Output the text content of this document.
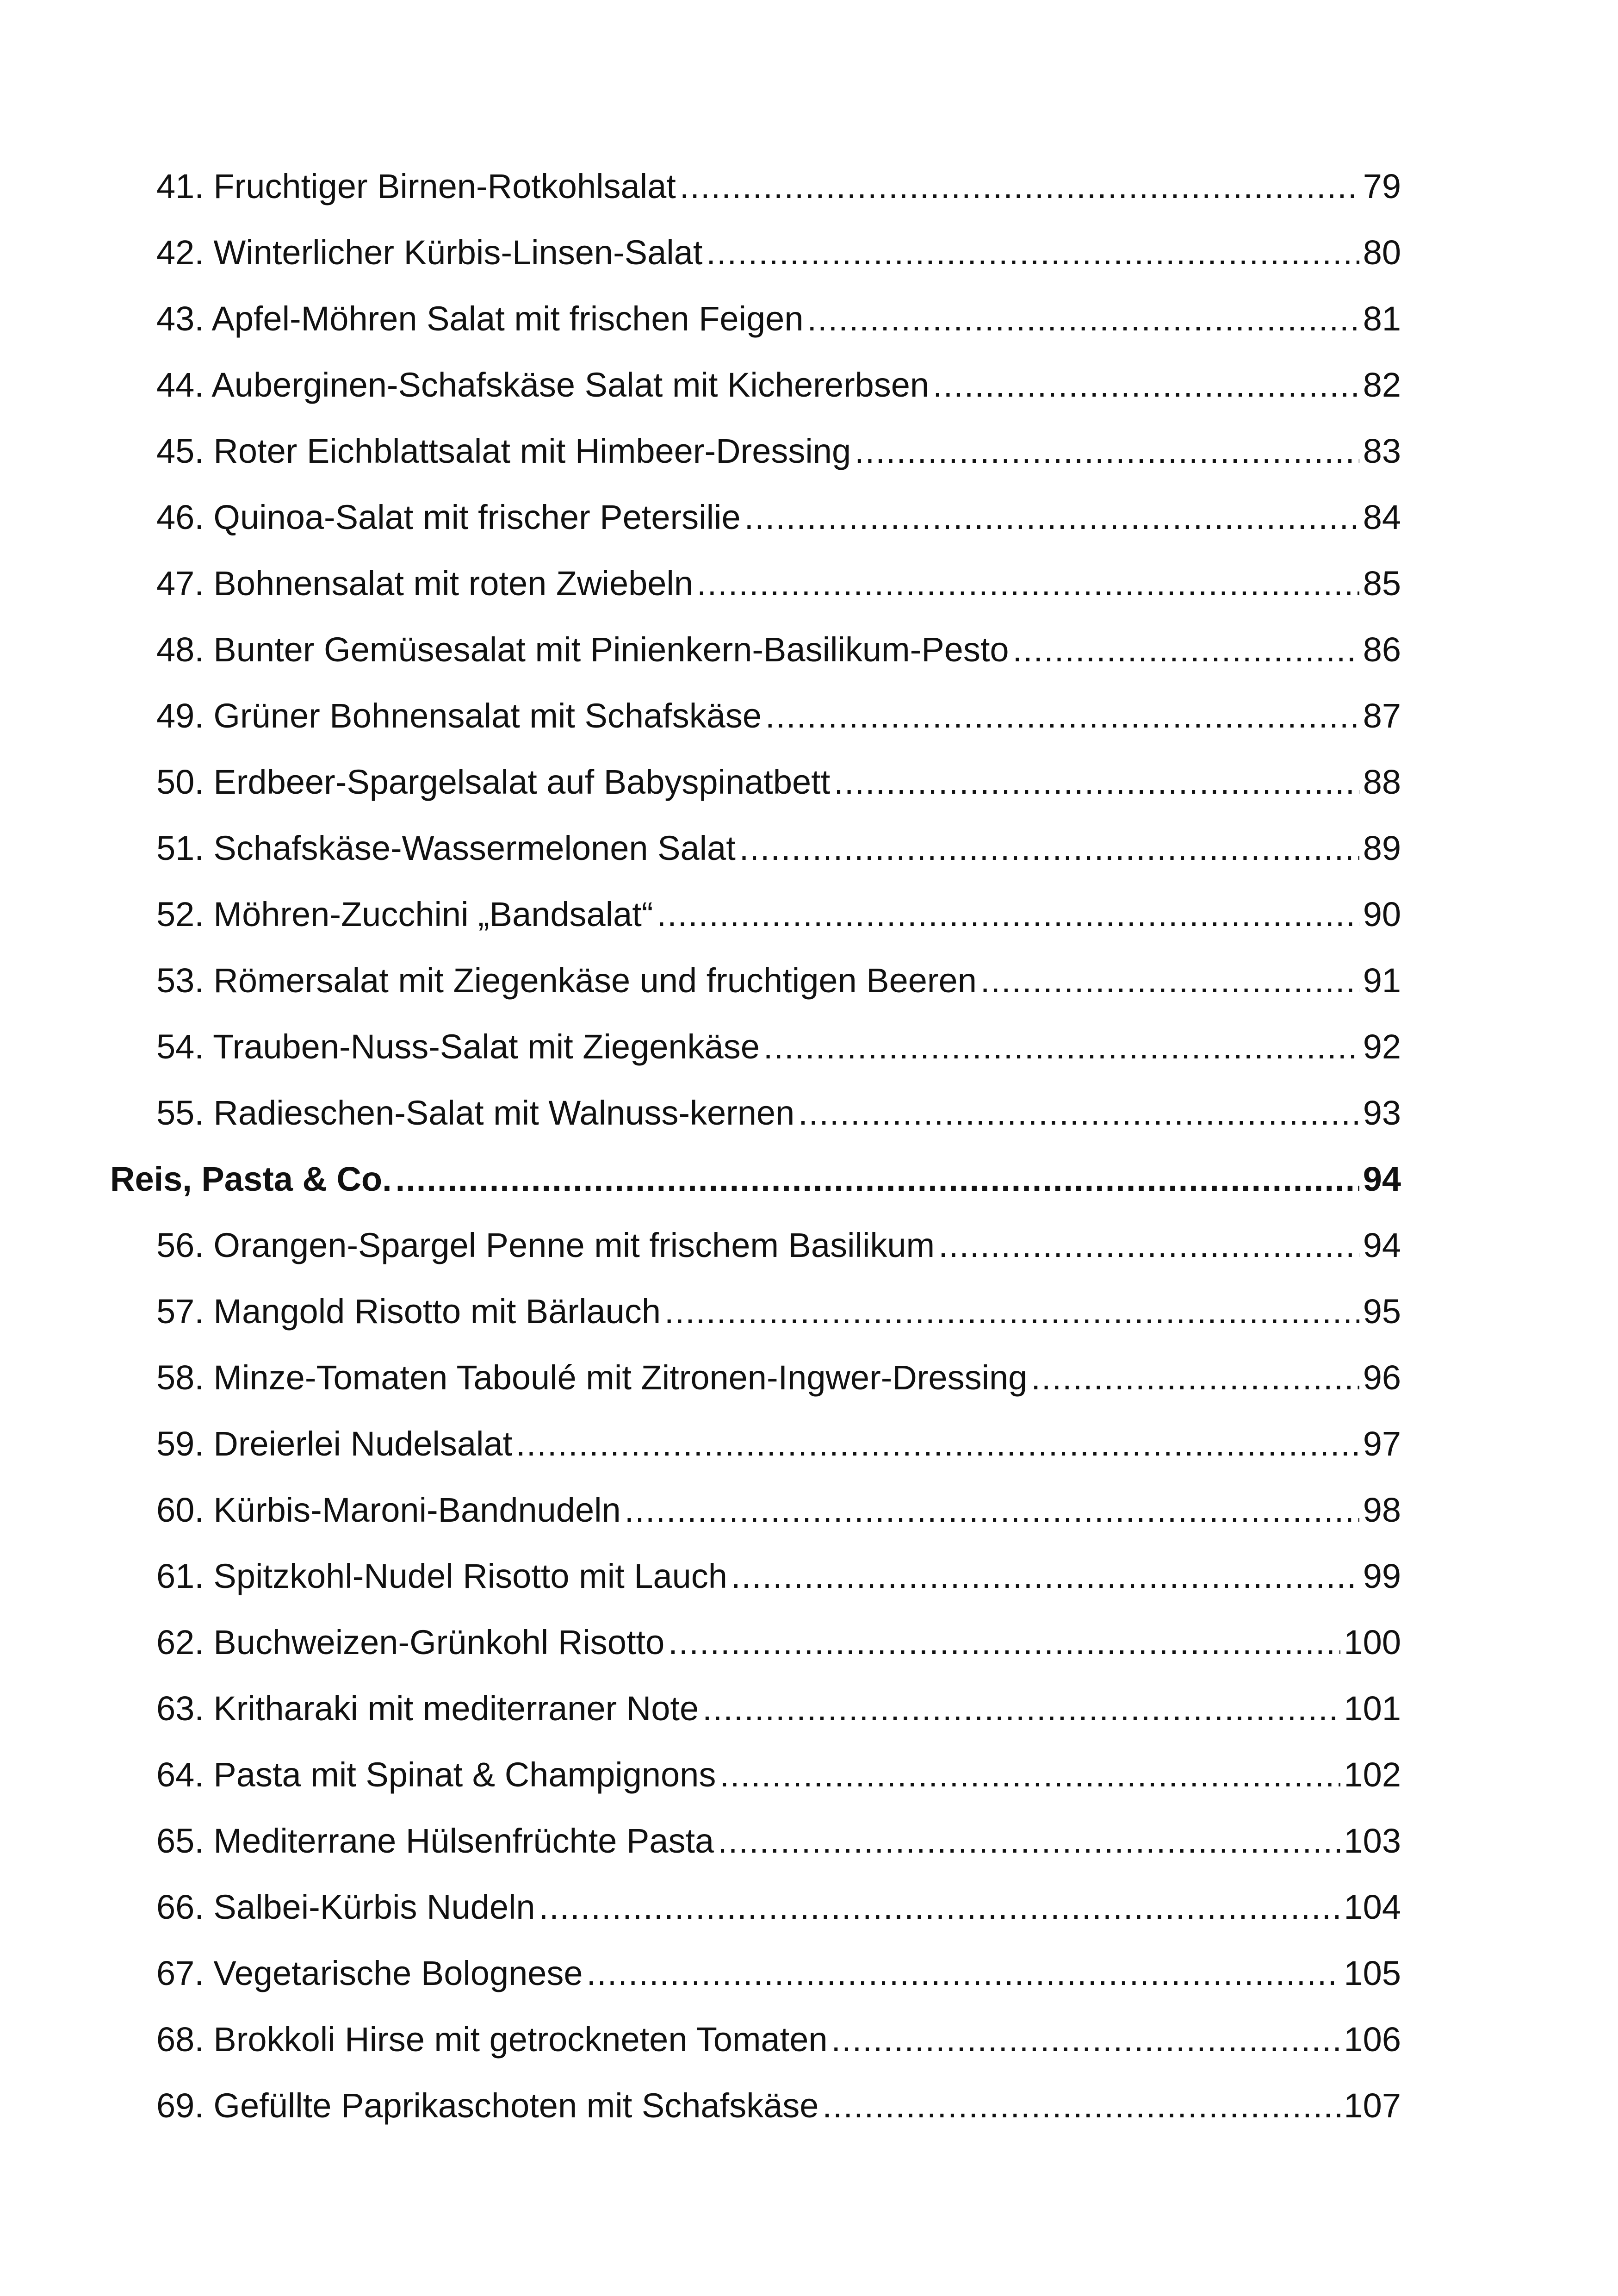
41. Fruchtiger Birnen-Rotkohlsalat .....	79
42. Winterlicher Kürbis-Linsen-Salat .....	80
43. Apfel-Möhren Salat mit frischen Feigen .....	81
44. Auberginen-Schafskäse Salat mit Kichererbsen .....	82
45. Roter Eichblattsalat mit Himbeer-Dressing .....	83
46. Quinoa-Salat mit frischer Petersilie .....	84
47. Bohnensalat mit roten Zwiebeln .....	85
48. Bunter Gemüsesalat mit Pinienkern-Basilikum-Pesto .....	86
49. Grüner Bohnensalat mit Schafskäse .....	87
50. Erdbeer-Spargelsalat auf Babyspinatbett .....	88
51. Schafskäse-Wassermelonen Salat .....	89
52. Möhren-Zucchini „Bandsalat“ .....	90
53. Römersalat mit Ziegenkäse und fruchtigen Beeren .....	91
54. Trauben-Nuss-Salat mit Ziegenkäse .....	92
55. Radieschen-Salat mit Walnuss-kernen .....	93
Reis, Pasta & Co. .....	94
56. Orangen-Spargel Penne mit frischem Basilikum .....	94
57. Mangold Risotto mit Bärlauch .....	95
58. Minze-Tomaten Taboulé mit Zitronen-Ingwer-Dressing .....	96
59. Dreierlei Nudelsalat .....	97
60. Kürbis-Maroni-Bandnudeln .....	98
61. Spitzkohl-Nudel Risotto mit Lauch .....	99
62. Buchweizen-Grünkohl Risotto .....	100
63. Kritharaki mit mediterraner Note .....	101
64. Pasta mit Spinat & Champignons .....	102
65. Mediterrane Hülsenfrüchte Pasta .....	103
66. Salbei-Kürbis Nudeln .....	104
67. Vegetarische Bolognese .....	105
68. Brokkoli Hirse mit getrockneten Tomaten .....	106
69. Gefüllte Paprikaschoten mit Schafskäse .....	107
